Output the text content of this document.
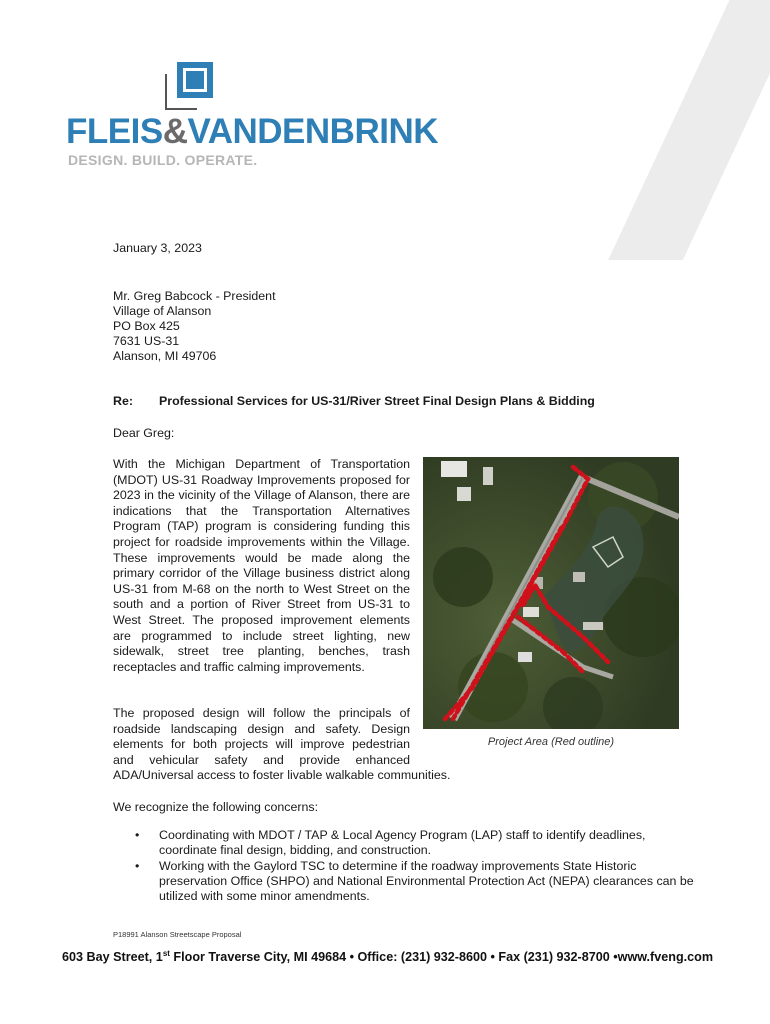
FLEIS&VANDENBRINK
DESIGN. BUILD. OPERATE.
January 3, 2023
Mr. Greg Babcock - President
Village of Alanson
PO Box 425
7631 US-31
Alanson, MI 49706
Re: Professional Services for US-31/River Street Final Design Plans & Bidding
Dear Greg:
With the Michigan Department of Transportation (MDOT) US-31 Roadway Improvements proposed for 2023 in the vicinity of the Village of Alanson, there are indications that the Transportation Alternatives Program (TAP) program is considering funding this project for roadside improvements within the Village. These improvements would be made along the primary corridor of the Village business district along US-31 from M-68 on the north to West Street on the south and a portion of River Street from US-31 to West Street. The proposed improvement elements are programmed to include street lighting, new sidewalk, street tree planting, benches, trash receptacles and traffic calming improvements.
Project Area (Red outline)
The proposed design will follow the principals of
roadside landscaping design and safety. Design
elements for both projects will improve pedestrian
and vehicular safety and provide enhanced
ADA/Universal access to foster livable walkable communities.
We recognize the following concerns:
• Coordinating with MDOT / TAP & Local Agency Program (LAP) staff to identify deadlines, coordinate final design, bidding, and construction.
• Working with the Gaylord TSC to determine if the roadway improvements State Historic preservation Office (SHPO) and National Environmental Protection Act (NEPA) clearances can be utilized with some minor amendments.
P18991 Alanson Streetscape Proposal
603 Bay Street, 1st Floor Traverse City, MI 49684 • Office: (231) 932-8600 • Fax (231) 932-8700 •www.fveng.com
